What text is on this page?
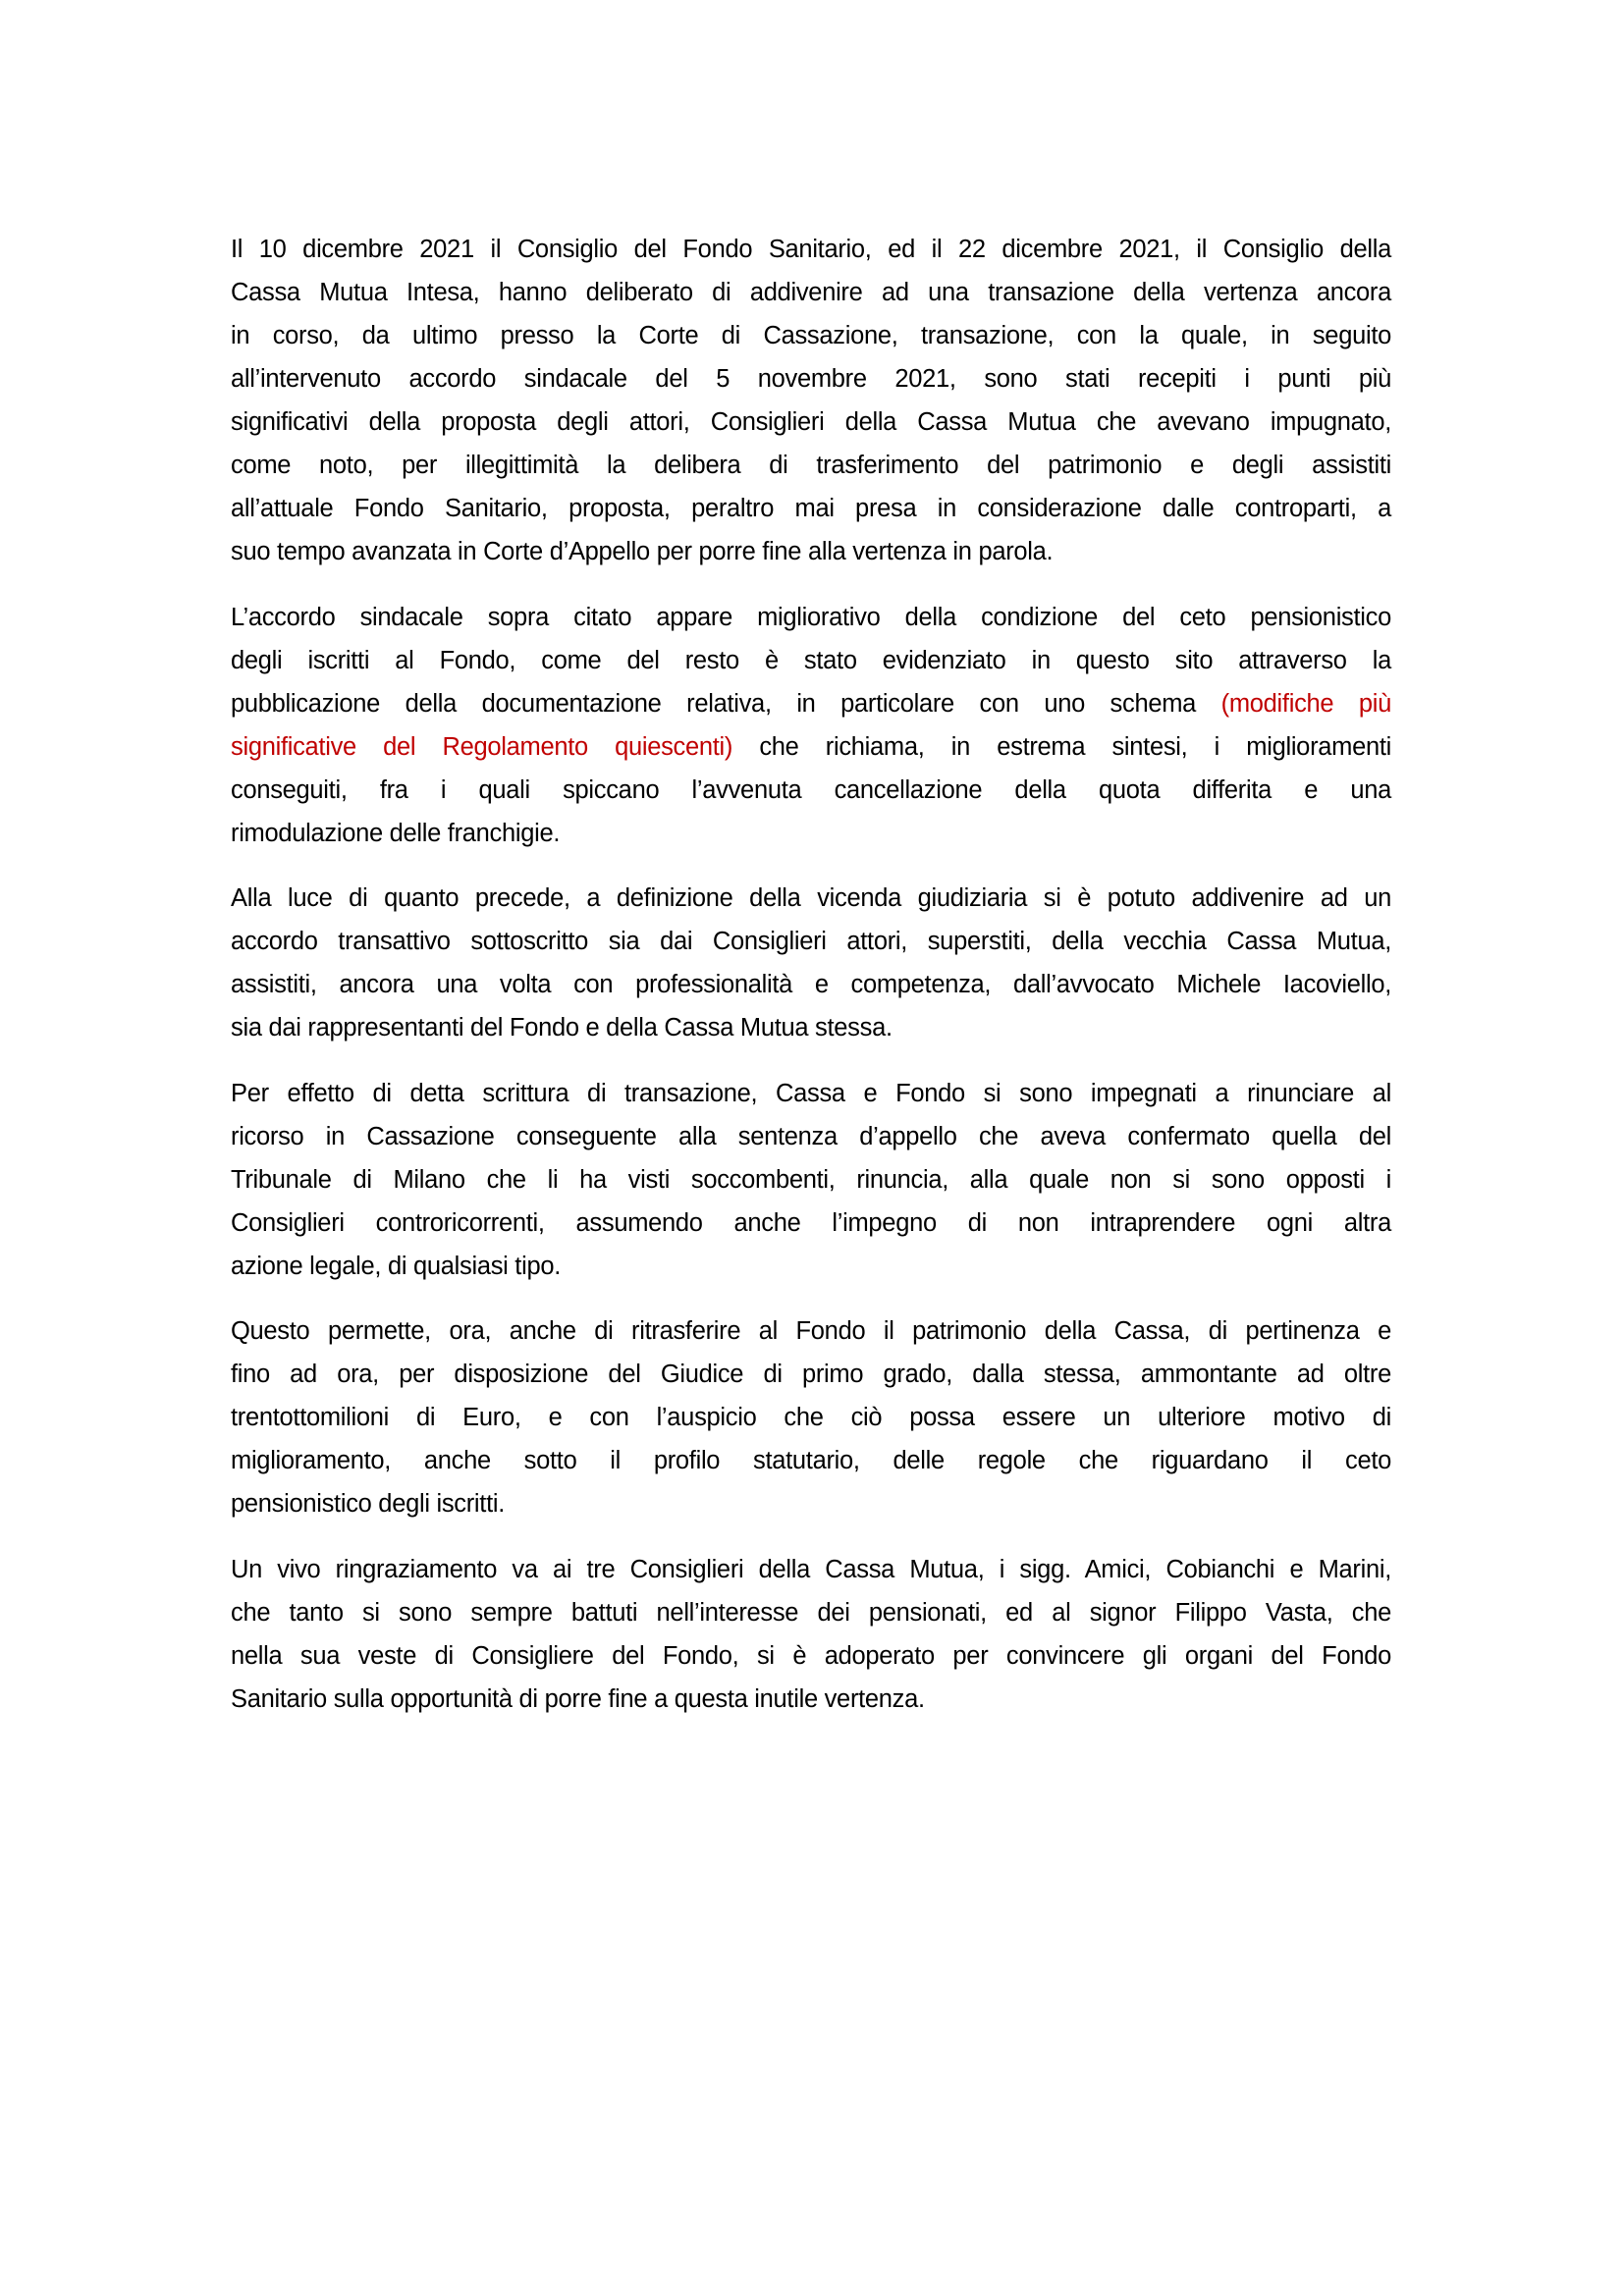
Il 10 dicembre 2021 il Consiglio del Fondo Sanitario, ed il 22 dicembre 2021, il Consiglio della
Cassa Mutua Intesa, hanno deliberato di addivenire ad una transazione della vertenza ancora
in corso, da ultimo presso la Corte di Cassazione, transazione, con la quale, in seguito
all’intervenuto accordo sindacale del 5 novembre 2021, sono stati recepiti i punti più
significativi della proposta degli attori, Consiglieri della Cassa Mutua che avevano impugnato,
come noto, per illegittimità la delibera di trasferimento del patrimonio e degli assistiti
all’attuale Fondo Sanitario, proposta, peraltro mai presa in considerazione dalle controparti, a
suo tempo avanzata in Corte d’Appello per porre fine alla vertenza in parola.

L’accordo sindacale sopra citato appare migliorativo della condizione del ceto pensionistico
degli iscritti al Fondo, come del resto è stato evidenziato in questo sito attraverso la
pubblicazione della documentazione relativa, in particolare con uno schema (modifiche più
significative del Regolamento quiescenti) che richiama, in estrema sintesi, i miglioramenti
conseguiti, fra i quali spiccano l’avvenuta cancellazione della quota differita e una
rimodulazione delle franchigie.

Alla luce di quanto precede, a definizione della vicenda giudiziaria si è potuto addivenire ad un
accordo transattivo sottoscritto sia dai Consiglieri attori, superstiti, della vecchia Cassa Mutua,
assistiti, ancora una volta con professionalità e competenza, dall’avvocato Michele Iacoviello,
sia dai rappresentanti del Fondo e della Cassa Mutua stessa.

Per effetto di detta scrittura di transazione, Cassa e Fondo si sono impegnati a rinunciare al
ricorso in Cassazione conseguente alla sentenza d’appello che aveva confermato quella del
Tribunale di Milano che li ha visti soccombenti, rinuncia, alla quale non si sono opposti i
Consiglieri controricorrenti, assumendo anche l’impegno di non intraprendere ogni altra
azione legale, di qualsiasi tipo.

Questo permette, ora, anche di ritrasferire al Fondo il patrimonio della Cassa, di pertinenza e
fino ad ora, per disposizione del Giudice di primo grado, dalla stessa, ammontante ad oltre
trentottomilioni di Euro, e con l’auspicio che ciò possa essere un ulteriore motivo di
miglioramento, anche sotto il profilo statutario, delle regole che riguardano il ceto
pensionistico degli iscritti.

Un vivo ringraziamento va ai tre Consiglieri della Cassa Mutua, i sigg. Amici, Cobianchi e Marini,
che tanto si sono sempre battuti nell’interesse dei pensionati, ed al signor Filippo Vasta, che
nella sua veste di Consigliere del Fondo, si è adoperato per convincere gli organi del Fondo
Sanitario sulla opportunità di porre fine a questa inutile vertenza.
